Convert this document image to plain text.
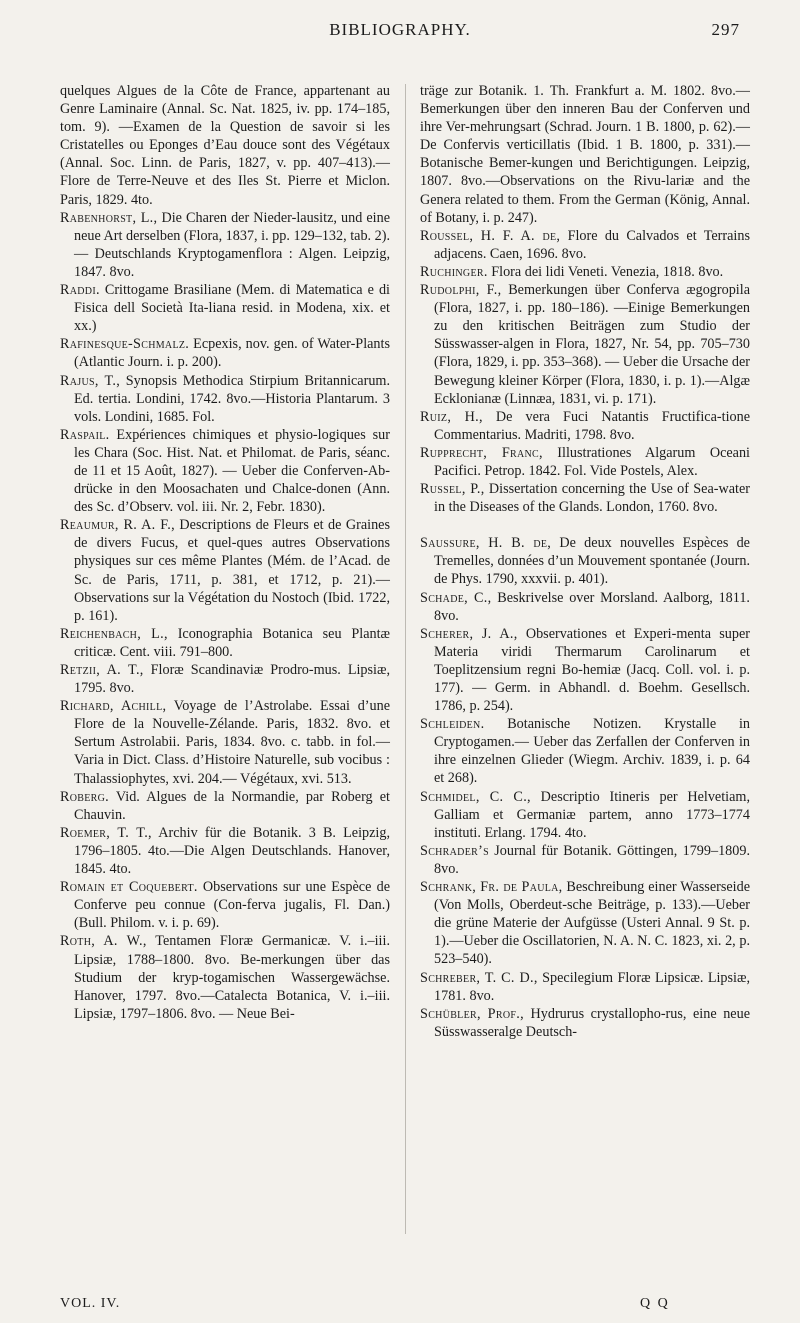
BIBLIOGRAPHY.	297
quelques Algues de la Côte de France, appartenant au Genre Laminaire (Annal. Sc. Nat. 1825, iv. pp. 174–185, tom. 9). —Examen de la Question de savoir si les Cristatelles ou Eponges d’Eau douce sont des Végétaux (Annal. Soc. Linn. de Paris, 1827, v. pp. 407–413).—Flore de Terre-Neuve et des Iles St. Pierre et Miclon. Paris, 1829. 4to.
Rabenhorst, L., Die Charen der Nieder-lausitz, und eine neue Art derselben (Flora, 1837, i. pp. 129–132, tab. 2).— Deutschlands Kryptogamenflora : Algen. Leipzig, 1847. 8vo.
Raddi. Crittogame Brasiliane (Mem. di Matematica e di Fisica dell Società Ita-liana resid. in Modena, xix. et xx.)
Rafinesque-Schmalz. Ecpexis, nov. gen. of Water-Plants (Atlantic Journ. i. p. 200).
Rajus, T., Synopsis Methodica Stirpium Britannicarum. Ed. tertia. Londini, 1742. 8vo.—Historia Plantarum. 3 vols. Londini, 1685. Fol.
Raspail. Expériences chimiques et physio-logiques sur les Chara (Soc. Hist. Nat. et Philomat. de Paris, séanc. de 11 et 15 Août, 1827). — Ueber die Conferven-Ab-drücke in den Moosachaten und Chalce-donen (Ann. des Sc. d’Observ. vol. iii. Nr. 2, Febr. 1830).
Reaumur, R. A. F., Descriptions de Fleurs et de Graines de divers Fucus, et quel-ques autres Observations physiques sur ces même Plantes (Mém. de l’Acad. de Sc. de Paris, 1711, p. 381, et 1712, p. 21).—Observations sur la Végétation du Nostoch (Ibid. 1722, p. 161).
Reichenbach, L., Iconographia Botanica seu Plantæ criticæ. Cent. viii. 791–800.
Retzii, A. T., Floræ Scandinaviæ Prodro-mus. Lipsiæ, 1795. 8vo.
Richard, Achill, Voyage de l’Astrolabe. Essai d’une Flore de la Nouvelle-Zélande. Paris, 1832. 8vo. et Sertum Astrolabii. Paris, 1834. 8vo. c. tabb. in fol.—Varia in Dict. Class. d’Histoire Naturelle, sub vocibus : Thalassiophytes, xvi. 204.— Végétaux, xvi. 513.
Roberg. Vid. Algues de la Normandie, par Roberg et Chauvin.
Roemer, T. T., Archiv für die Botanik. 3 B. Leipzig, 1796–1805. 4to.—Die Algen Deutschlands. Hanover, 1845. 4to.
Romain et Coquebert. Observations sur une Espèce de Conferve peu connue (Con-ferva jugalis, Fl. Dan.) (Bull. Philom. v. i. p. 69).
Roth, A. W., Tentamen Floræ Germanicæ. V. i.–iii. Lipsiæ, 1788–1800. 8vo. Be-merkungen über das Studium der kryp-togamischen Wassergewächse. Hanover, 1797. 8vo.—Catalecta Botanica, V. i.–iii. Lipsiæ, 1797–1806. 8vo. — Neue Bei-
träge zur Botanik. 1. Th. Frankfurt a. M. 1802. 8vo.—Bemerkungen über den inneren Bau der Conferven und ihre Ver-mehrungsart (Schrad. Journ. 1 B. 1800, p. 62).—De Confervis verticillatis (Ibid. 1 B. 1800, p. 331).—Botanische Bemer-kungen und Berichtigungen. Leipzig, 1807. 8vo.—Observations on the Rivu-lariæ and the Genera related to them. From the German (König, Annal. of Botany, i. p. 247).
Roussel, H. F. A. de, Flore du Calvados et Terrains adjacens. Caen, 1696. 8vo.
Ruchinger. Flora dei lidi Veneti. Venezia, 1818. 8vo.
Rudolphi, F., Bemerkungen über Conferva ægogropila (Flora, 1827, i. pp. 180–186). —Einige Bemerkungen zu den kritischen Beiträgen zum Studio der Süsswasser-algen in Flora, 1827, Nr. 54, pp. 705–730 (Flora, 1829, i. pp. 353–368). — Ueber die Ursache der Bewegung kleiner Körper (Flora, 1830, i. p. 1).—Algæ Ecklonianæ (Linnæa, 1831, vi. p. 171).
Ruiz, H., De vera Fuci Natantis Fructifica-tione Commentarius. Madriti, 1798. 8vo.
Rupprecht, Franc, Illustrationes Algarum Oceani Pacifici. Petrop. 1842. Fol. Vide Postels, Alex.
Russel, P., Dissertation concerning the Use of Sea-water in the Diseases of the Glands. London, 1760. 8vo.
Saussure, H. B. de, De deux nouvelles Espèces de Tremelles, données d’un Mouvement spontanée (Journ. de Phys. 1790, xxxvii. p. 401).
Schade, C., Beskrivelse over Morsland. Aalborg, 1811. 8vo.
Scherer, J. A., Observationes et Experi-menta super Materia viridi Thermarum Carolinarum et Toeplitzensium regni Bo-hemiæ (Jacq. Coll. vol. i. p. 177). — Germ. in Abhandl. d. Boehm. Gesellsch. 1786, p. 254).
Schleiden. Botanische Notizen. Krystalle in Cryptogamen.— Ueber das Zerfallen der Conferven in ihre einzelnen Glieder (Wiegm. Archiv. 1839, i. p. 64 et 268).
Schmidel, C. C., Descriptio Itineris per Helvetiam, Galliam et Germaniæ partem, anno 1773–1774 instituti. Erlang. 1794. 4to.
Schrader’s Journal für Botanik. Göttingen, 1799–1809. 8vo.
Schrank, Fr. de Paula, Beschreibung einer Wasserseide (Von Molls, Oberdeut-sche Beiträge, p. 133).—Ueber die grüne Materie der Aufgüsse (Usteri Annal. 9 St. p. 1).—Ueber die Oscillatorien, N. A. N. C. 1823, xi. 2, p. 523–540).
Schreber, T. C. D., Specilegium Floræ Lipsicæ. Lipsiæ, 1781. 8vo.
Schübler, Prof., Hydrurus crystallopho-rus, eine neue Süsswasseralge Deutsch-
VOL. IV.	Q Q
